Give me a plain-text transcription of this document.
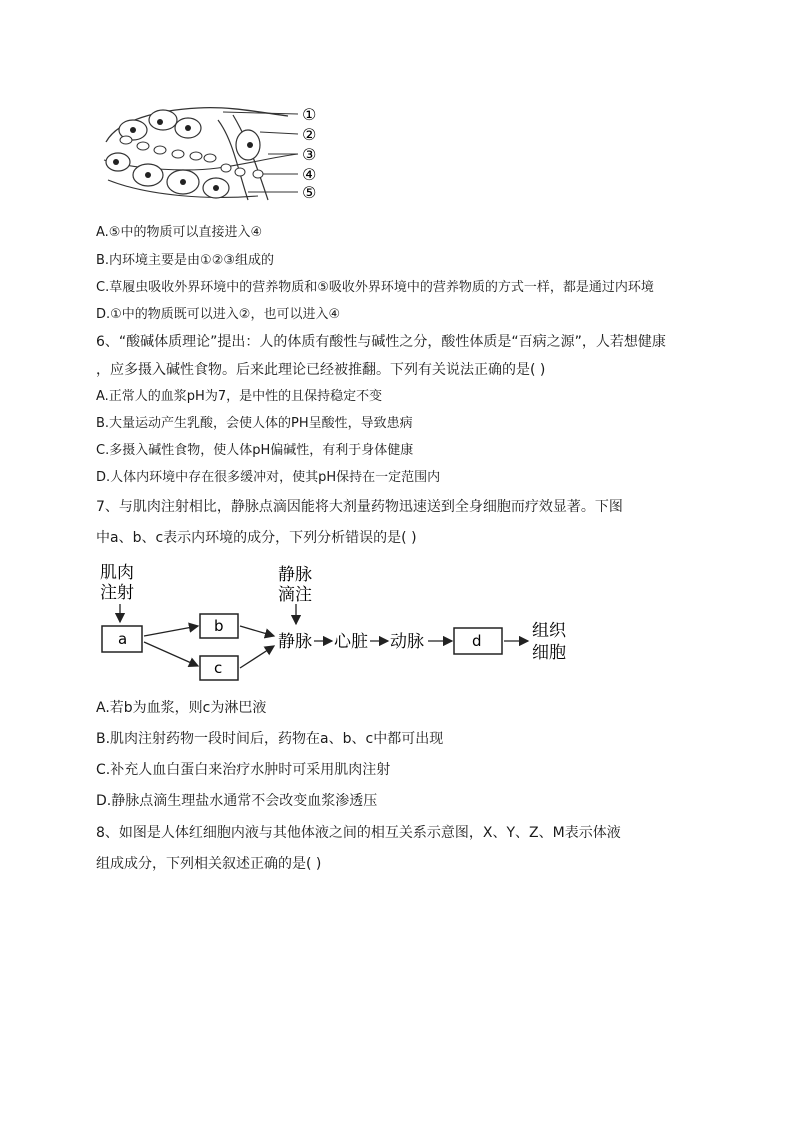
①
②
③
④
⑤
A.⑤中的物质可以直接进入④
B.内环境主要是由①②③组成的
C.草履虫吸收外界环境中的营养物质和⑤吸收外界环境中的营养物质的方式一样，都是通过内环境
D.①中的物质既可以进入②，也可以进入④
6、“酸碱体质理论”提出：人的体质有酸性与碱性之分，酸性体质是“百病之源”，人若想健康
，应多摄入碱性食物。后来此理论已经被推翻。下列有关说法正确的是( )
A.正常人的血浆pH为7，是中性的且保持稳定不变
B.大量运动产生乳酸，会使人体的PH呈酸性，导致患病
C.多摄入碱性食物，使人体pH偏碱性，有利于身体健康
D.人体内环境中存在很多缓冲对，使其pH保持在一定范围内
7、与肌肉注射相比，静脉点滴因能将大剂量药物迅速送到全身细胞而疗效显著。下图
中a、b、c表示内环境的成分，下列分析错误的是( )
肌肉
注射
静脉
滴注
a
b
c
静脉 心脏 动脉	d	组织
细胞
A.若b为血浆，则c为淋巴液
B.肌肉注射药物一段时间后，药物在a、b、c中都可出现
C.补充人血白蛋白来治疗水肿时可采用肌肉注射
D.静脉点滴生理盐水通常不会改变血浆渗透压
8、如图是人体红细胞内液与其他体液之间的相互关系示意图，X、Y、Z、M表示体液
组成成分，下列相关叙述正确的是( )
